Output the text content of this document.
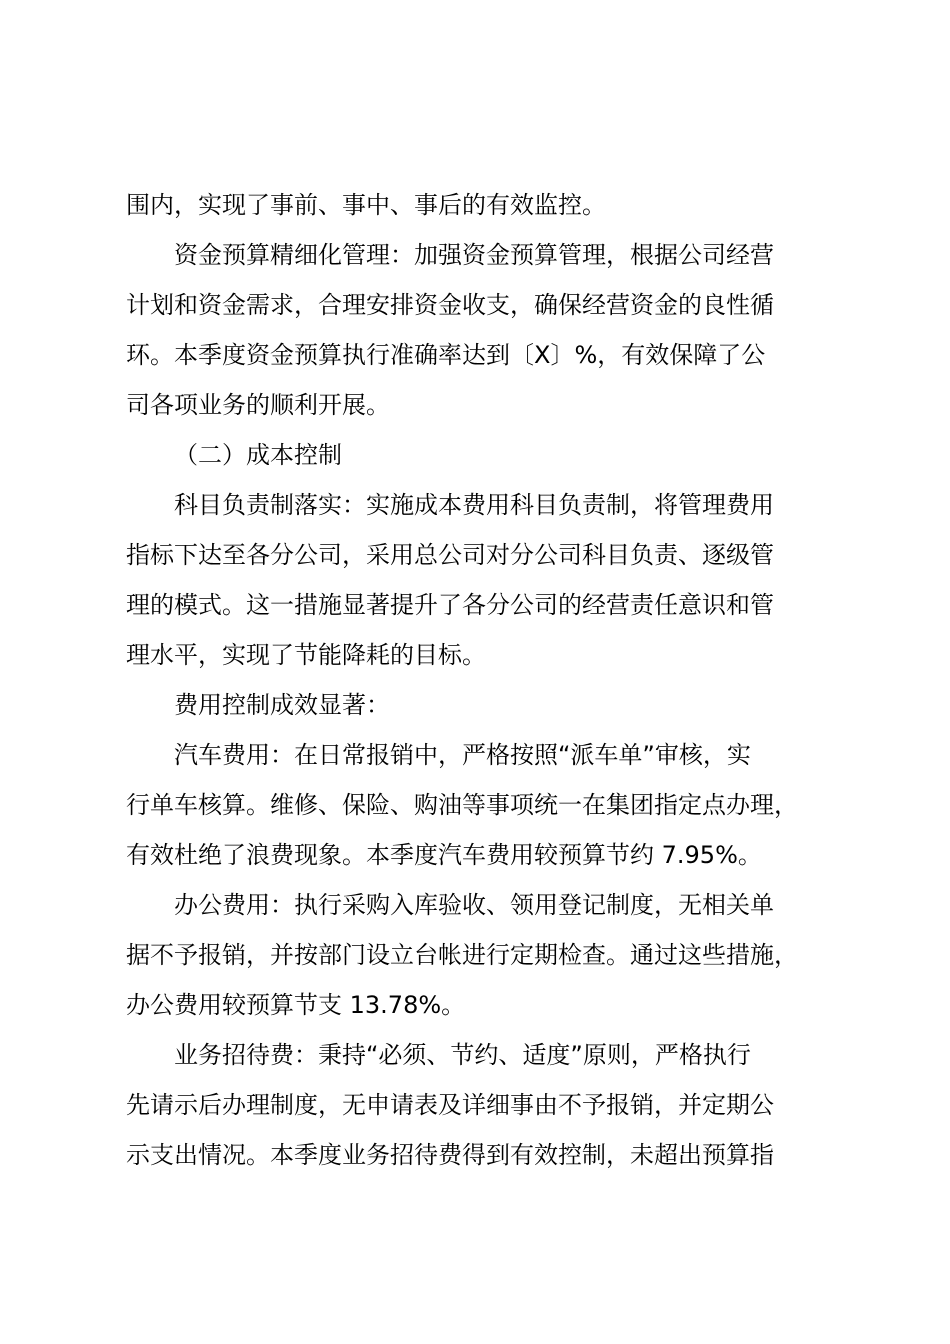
围内，实现了事前、事中、事后的有效监控。
资金预算精细化管理：加强资金预算管理，根据公司经营
计划和资金需求，合理安排资金收支，确保经营资金的良性循
环。本季度资金预算执行准确率达到〔X〕%，有效保障了公
司各项业务的顺利开展。
（二）成本控制
科目负责制落实：实施成本费用科目负责制，将管理费用
指标下达至各分公司，采用总公司对分公司科目负责、逐级管
理的模式。这一措施显著提升了各分公司的经营责任意识和管
理水平，实现了节能降耗的目标。
费用控制成效显著：
汽车费用：在日常报销中，严格按照“派车单”审核，实
行单车核算。维修、保险、购油等事项统一在集团指定点办理，
有效杜绝了浪费现象。本季度汽车费用较预算节约 7.95%。
办公费用：执行采购入库验收、领用登记制度，无相关单
据不予报销，并按部门设立台帐进行定期检查。通过这些措施，
办公费用较预算节支 13.78%。
业务招待费：秉持“必须、节约、适度”原则，严格执行
先请示后办理制度，无申请表及详细事由不予报销，并定期公
示支出情况。本季度业务招待费得到有效控制，未超出预算指
